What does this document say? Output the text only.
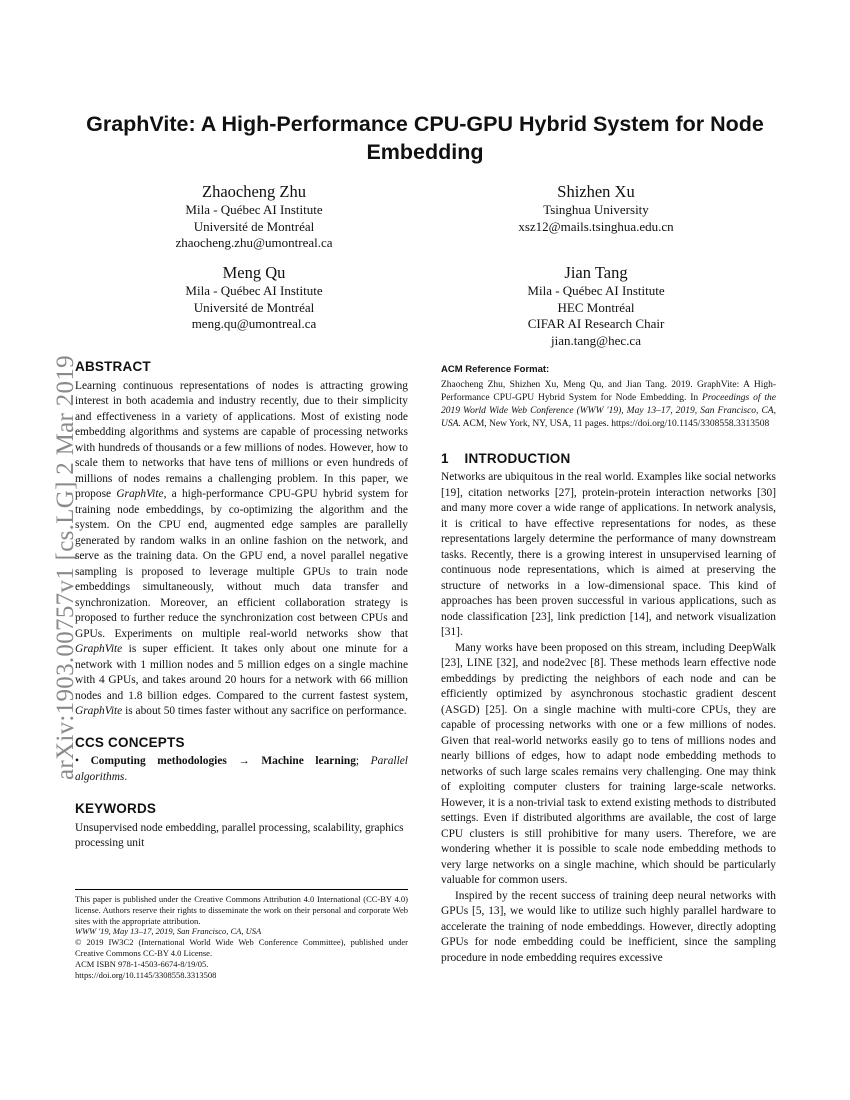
arXiv:1903.00757v1 [cs.LG] 2 Mar 2019
GraphVite: A High-Performance CPU-GPU Hybrid System for Node Embedding
Zhaocheng Zhu
Mila - Québec AI Institute
Université de Montréal
zhaocheng.zhu@umontreal.ca
Shizhen Xu
Tsinghua University
xsz12@mails.tsinghua.edu.cn
Meng Qu
Mila - Québec AI Institute
Université de Montréal
meng.qu@umontreal.ca
Jian Tang
Mila - Québec AI Institute
HEC Montréal
CIFAR AI Research Chair
jian.tang@hec.ca
ABSTRACT

Learning continuous representations of nodes is attracting growing interest in both academia and industry recently, due to their simplicity and effectiveness in a variety of applications. Most of existing node embedding algorithms and systems are capable of processing networks with hundreds of thousands or a few millions of nodes. However, how to scale them to networks that have tens of millions or even hundreds of millions of nodes remains a challenging problem. In this paper, we propose GraphVite, a high-performance CPU-GPU hybrid system for training node embeddings, by co-optimizing the algorithm and the system. On the CPU end, augmented edge samples are parallelly generated by random walks in an online fashion on the network, and serve as the training data. On the GPU end, a novel parallel negative sampling is proposed to leverage multiple GPUs to train node embeddings simultaneously, without much data transfer and synchronization. Moreover, an efficient collaboration strategy is proposed to further reduce the synchronization cost between CPUs and GPUs. Experiments on multiple real-world networks show that GraphVite is super efficient. It takes only about one minute for a network with 1 million nodes and 5 million edges on a single machine with 4 GPUs, and takes around 20 hours for a network with 66 million nodes and 1.8 billion edges. Compared to the current fastest system, GraphVite is about 50 times faster without any sacrifice on performance.

CCS CONCEPTS

• Computing methodologies → Machine learning; Parallel algorithms.

KEYWORDS

Unsupervised node embedding, parallel processing, scalability, graphics processing unit

This paper is published under the Creative Commons Attribution 4.0 International (CC-BY 4.0) license. Authors reserve their rights to disseminate the work on their personal and corporate Web sites with the appropriate attribution.
WWW '19, May 13–17, 2019, San Francisco, CA, USA
© 2019 IW3C2 (International World Wide Web Conference Committee), published under Creative Commons CC-BY 4.0 License.
ACM ISBN 978-1-4503-6674-8/19/05.
https://doi.org/10.1145/3308558.3313508
ACM Reference Format:

Zhaocheng Zhu, Shizhen Xu, Meng Qu, and Jian Tang. 2019. GraphVite: A High-Performance CPU-GPU Hybrid System for Node Embedding. In Proceedings of the 2019 World Wide Web Conference (WWW '19), May 13–17, 2019, San Francisco, CA, USA. ACM, New York, NY, USA, 11 pages. https://doi.org/10.1145/3308558.3313508

1    INTRODUCTION

Networks are ubiquitous in the real world. Examples like social networks [19], citation networks [27], protein-protein interaction networks [30] and many more cover a wide range of applications. In network analysis, it is critical to have effective representations for nodes, as these representations largely determine the performance of many downstream tasks. Recently, there is a growing interest in unsupervised learning of continuous node representations, which is aimed at preserving the structure of networks in a low-dimensional space. This kind of approaches has been proven successful in various applications, such as node classification [23], link prediction [14], and network visualization [31].

Many works have been proposed on this stream, including DeepWalk [23], LINE [32], and node2vec [8]. These methods learn effective node embeddings by predicting the neighbors of each node and can be efficiently optimized by asynchronous stochastic gradient descent (ASGD) [25]. On a single machine with multi-core CPUs, they are capable of processing networks with one or a few millions of nodes. Given that real-world networks easily go to tens of millions nodes and nearly billions of edges, how to adapt node embedding methods to networks of such large scales remains very challenging. One may think of exploiting computer clusters for training large-scale networks. However, it is a non-trivial task to extend existing methods to distributed settings. Even if distributed algorithms are available, the cost of large CPU clusters is still prohibitive for many users. Therefore, we are wondering whether it is possible to scale node embedding methods to very large networks on a single machine, which should be particularly valuable for common users.

Inspired by the recent success of training deep neural networks with GPUs [5, 13], we would like to utilize such highly parallel hardware to accelerate the training of node embeddings. However, directly adopting GPUs for node embedding could be inefficient, since the sampling procedure in node embedding requires excessive
